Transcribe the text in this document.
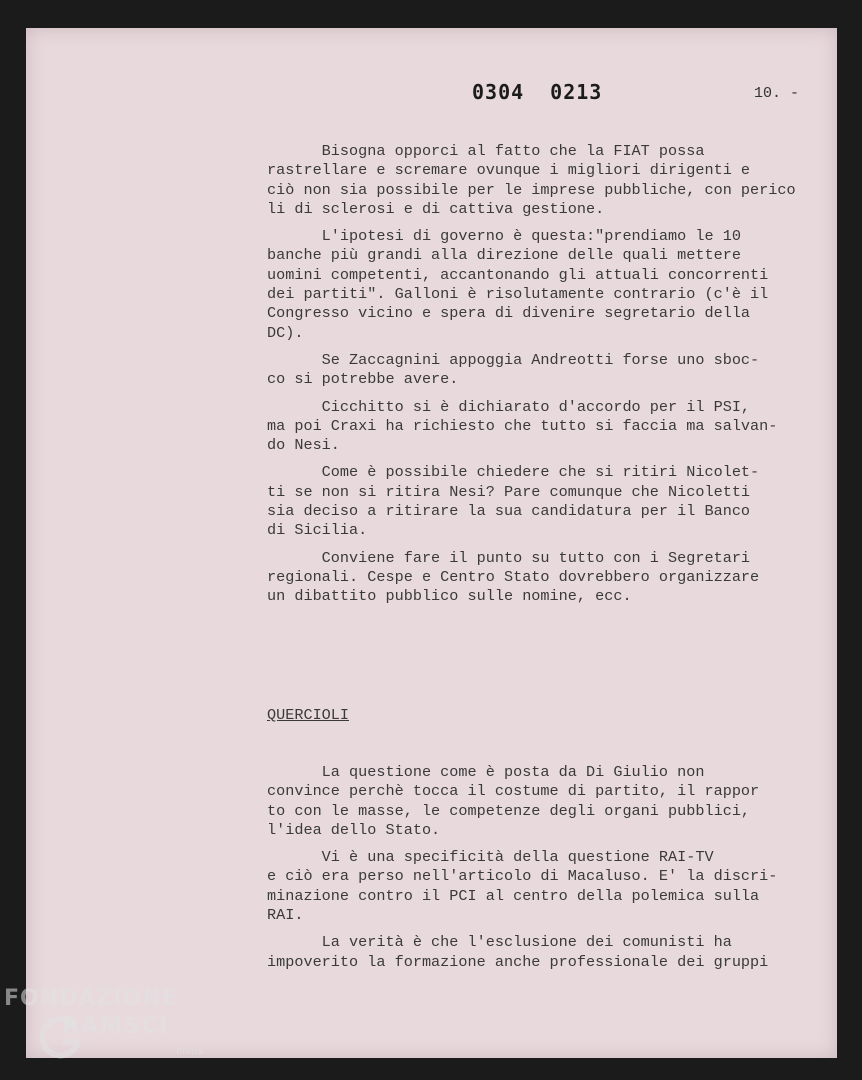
0304 0213	10. -

Bisogna opporci al fatto che la FIAT possa
rastrellare e scremare ovunque i migliori dirigenti e
ciò non sia possibile per le imprese pubbliche, con perico
li di sclerosi e di cattiva gestione.

L'ipotesi di governo è questa:"prendiamo le 10
banche più grandi alla direzione delle quali mettere
uomini competenti, accantonando gli attuali concorrenti
dei partiti". Galloni è risolutamente contrario (c'è il
Congresso vicino e spera di divenire segretario della
DC).

Se Zaccagnini appoggia Andreotti forse uno sboc-
co si potrebbe avere.

Cicchitto si è dichiarato d'accordo per il PSI,
ma poi Craxi ha richiesto che tutto si faccia ma salvan-
do Nesi.

Come è possibile chiedere che si ritiri Nicolet-
ti se non si ritira Nesi? Pare comunque che Nicoletti
sia deciso a ritirare la sua candidatura per il Banco
di Sicilia.

Conviene fare il punto su tutto con i Segretari
regionali. Cespe e Centro Stato dovrebbero organizzare
un dibattito pubblico sulle nomine, ecc.

QUERCIOLI

La questione come è posta da Di Giulio non
convince perchè tocca il costume di partito, il rappor
to con le masse, le competenze degli organi pubblici,
l'idea dello Stato.

Vi è una specificità della questione RAI-TV
e ciò era perso nell'articolo di Macaluso. E' la discri-
minazione contro il PCI al centro della polemica sulla
RAI.

La verità è che l'esclusione dei comunisti ha
impoverito la formazione anche professionale dei gruppi

FONDAZIONE
RAMSCI
onlus
